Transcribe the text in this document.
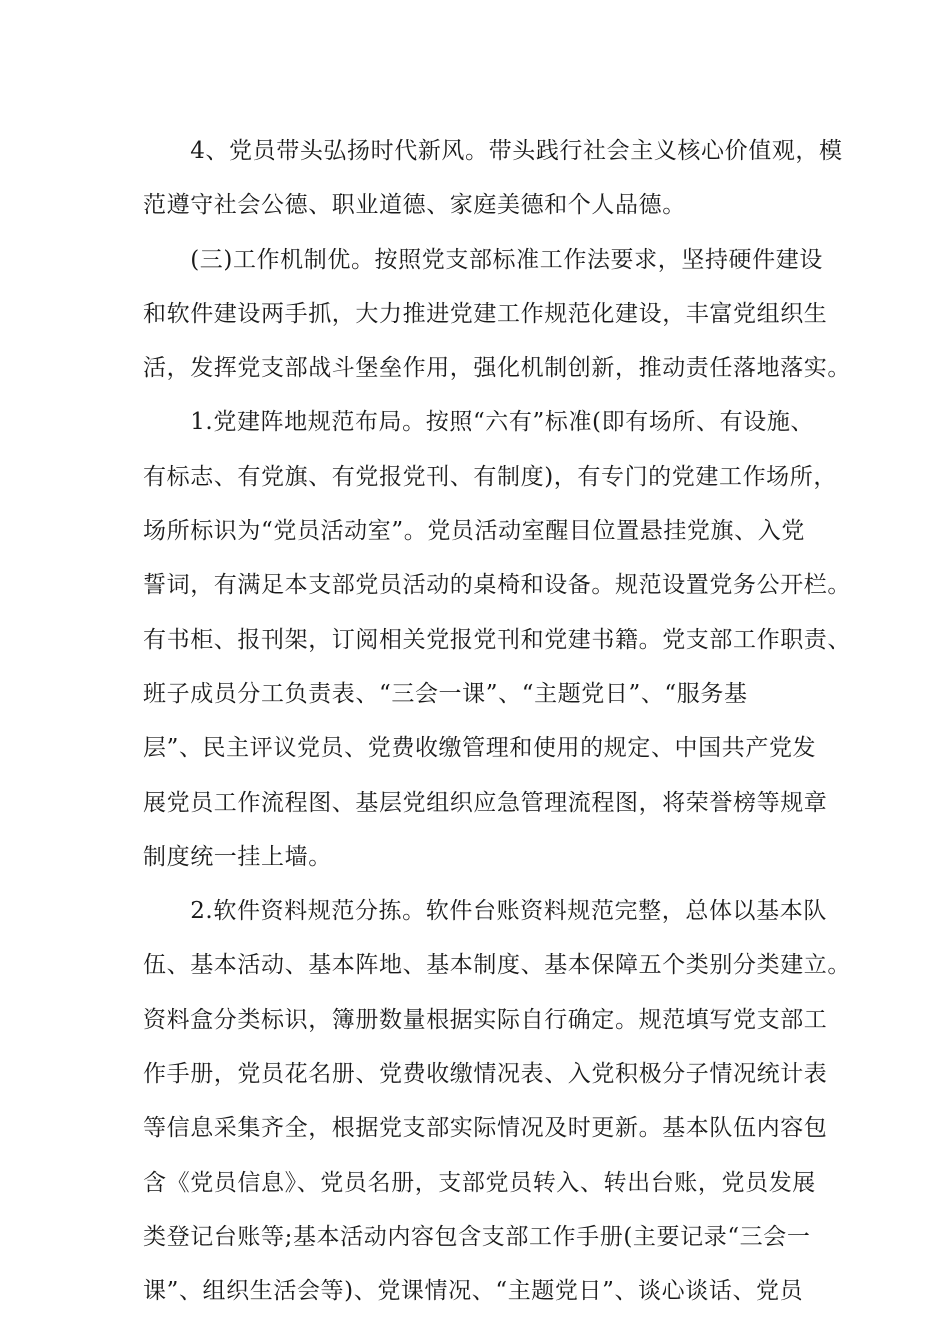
　　4、党员带头弘扬时代新风。带头践行社会主义核心价值观，模
范遵守社会公德、职业道德、家庭美德和个人品德。
　　(三)工作机制优。按照党支部标准工作法要求，坚持硬件建设
和软件建设两手抓，大力推进党建工作规范化建设，丰富党组织生
活，发挥党支部战斗堡垒作用，强化机制创新，推动责任落地落实。
　　1.党建阵地规范布局。按照“六有”标准(即有场所、有设施、
有标志、有党旗、有党报党刊、有制度)，有专门的党建工作场所，
场所标识为“党员活动室”。党员活动室醒目位置悬挂党旗、入党
誓词，有满足本支部党员活动的桌椅和设备。规范设置党务公开栏。
有书柜、报刊架，订阅相关党报党刊和党建书籍。党支部工作职责、
班子成员分工负责表、“三会一课”、“主题党日”、“服务基
层”、民主评议党员、党费收缴管理和使用的规定、中国共产党发
展党员工作流程图、基层党组织应急管理流程图，将荣誉榜等规章
制度统一挂上墙。
　　2.软件资料规范分拣。软件台账资料规范完整，总体以基本队
伍、基本活动、基本阵地、基本制度、基本保障五个类别分类建立。
资料盒分类标识，簿册数量根据实际自行确定。规范填写党支部工
作手册，党员花名册、党费收缴情况表、入党积极分子情况统计表
等信息采集齐全，根据党支部实际情况及时更新。基本队伍内容包
含《党员信息》、党员名册，支部党员转入、转出台账，党员发展
类登记台账等;基本活动内容包含支部工作手册(主要记录“三会一
课”、组织生活会等)、党课情况、“主题党日”、谈心谈话、党员
